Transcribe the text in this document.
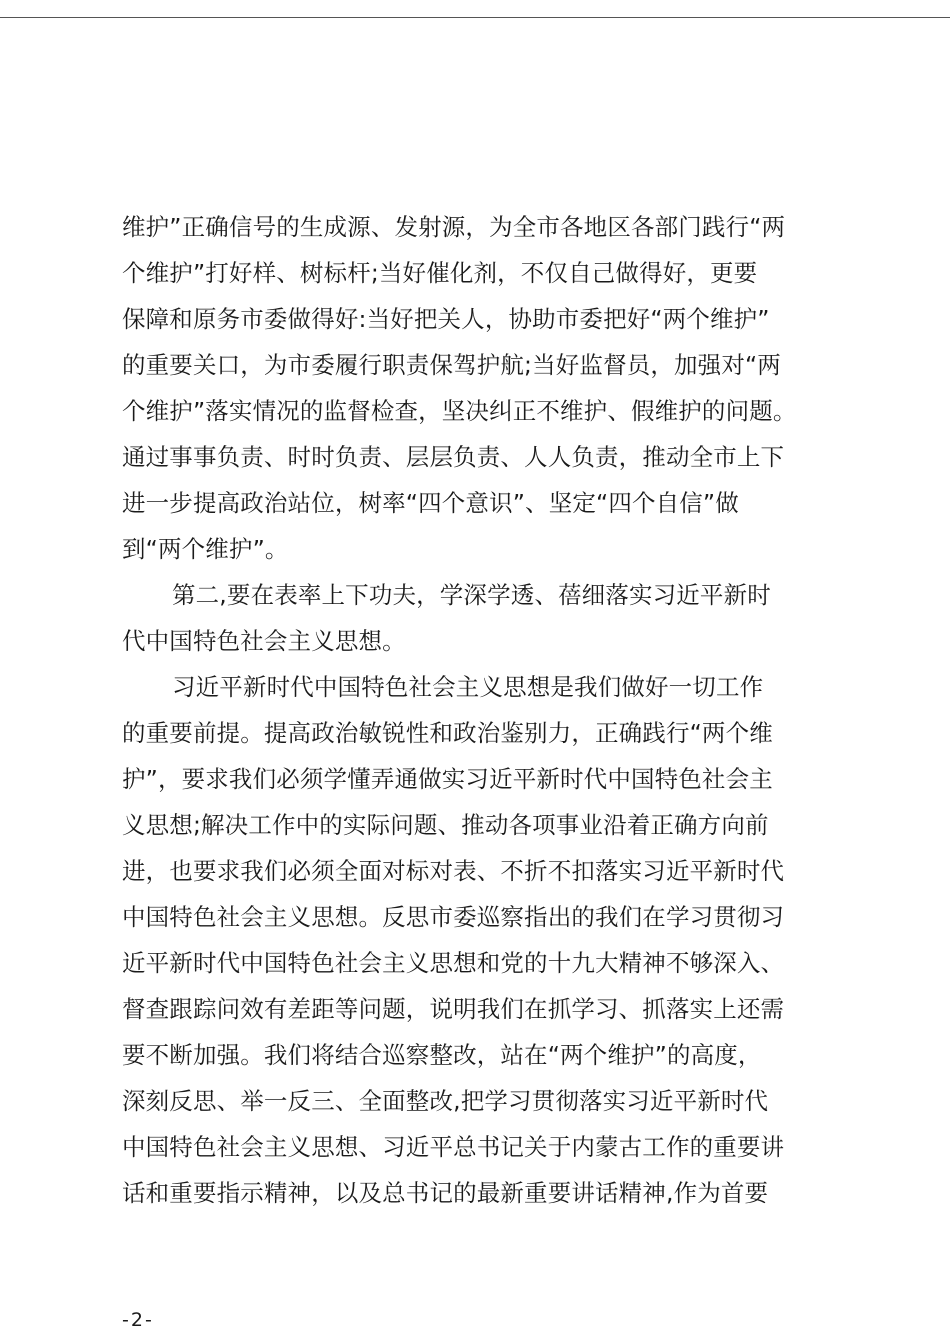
维护”正确信号的生成源、发射源，为全市各地区各部门践行“两
个维护”打好样、树标杆;当好催化剂，不仅自己做得好，更要
保障和原务市委做得好:当好把关人，协助市委把好“两个维护”
的重要关口，为市委履行职责保驾护航;当好监督员，加强对“两
个维护”落实情况的监督检查，坚决纠正不维护、假维护的问题。
通过事事负责、时时负责、层层负责、人人负责，推动全市上下
进一步提高政治站位，树率“四个意识”、坚定“四个自信”做
到“两个维护”。
第二,要在表率上下功夫，学深学透、蓓细落实习近平新时
代中国特色社会主义思想。
习近平新时代中国特色社会主义思想是我们做好一切工作
的重要前提。提高政治敏锐性和政治鉴别力，正确践行“两个维
护”，要求我们必须学懂弄通做实习近平新时代中国特色社会主
义思想;解决工作中的实际问题、推动各项事业沿着正确方向前
进，也要求我们必须全面对标对表、不折不扣落实习近平新时代
中国特色社会主义思想。反思市委巡察指出的我们在学习贯彻习
近平新时代中国特色社会主义思想和党的十九大精神不够深入、
督查跟踪问效有差距等问题，说明我们在抓学习、抓落实上还需
要不断加强。我们将结合巡察整改，站在“两个维护”的高度，
深刻反思、举一反三、全面整改,把学习贯彻落实习近平新时代
中国特色社会主义思想、习近平总书记关于内蒙古工作的重要讲
话和重要指示精神，以及总书记的最新重要讲话精神,作为首要
-2-
